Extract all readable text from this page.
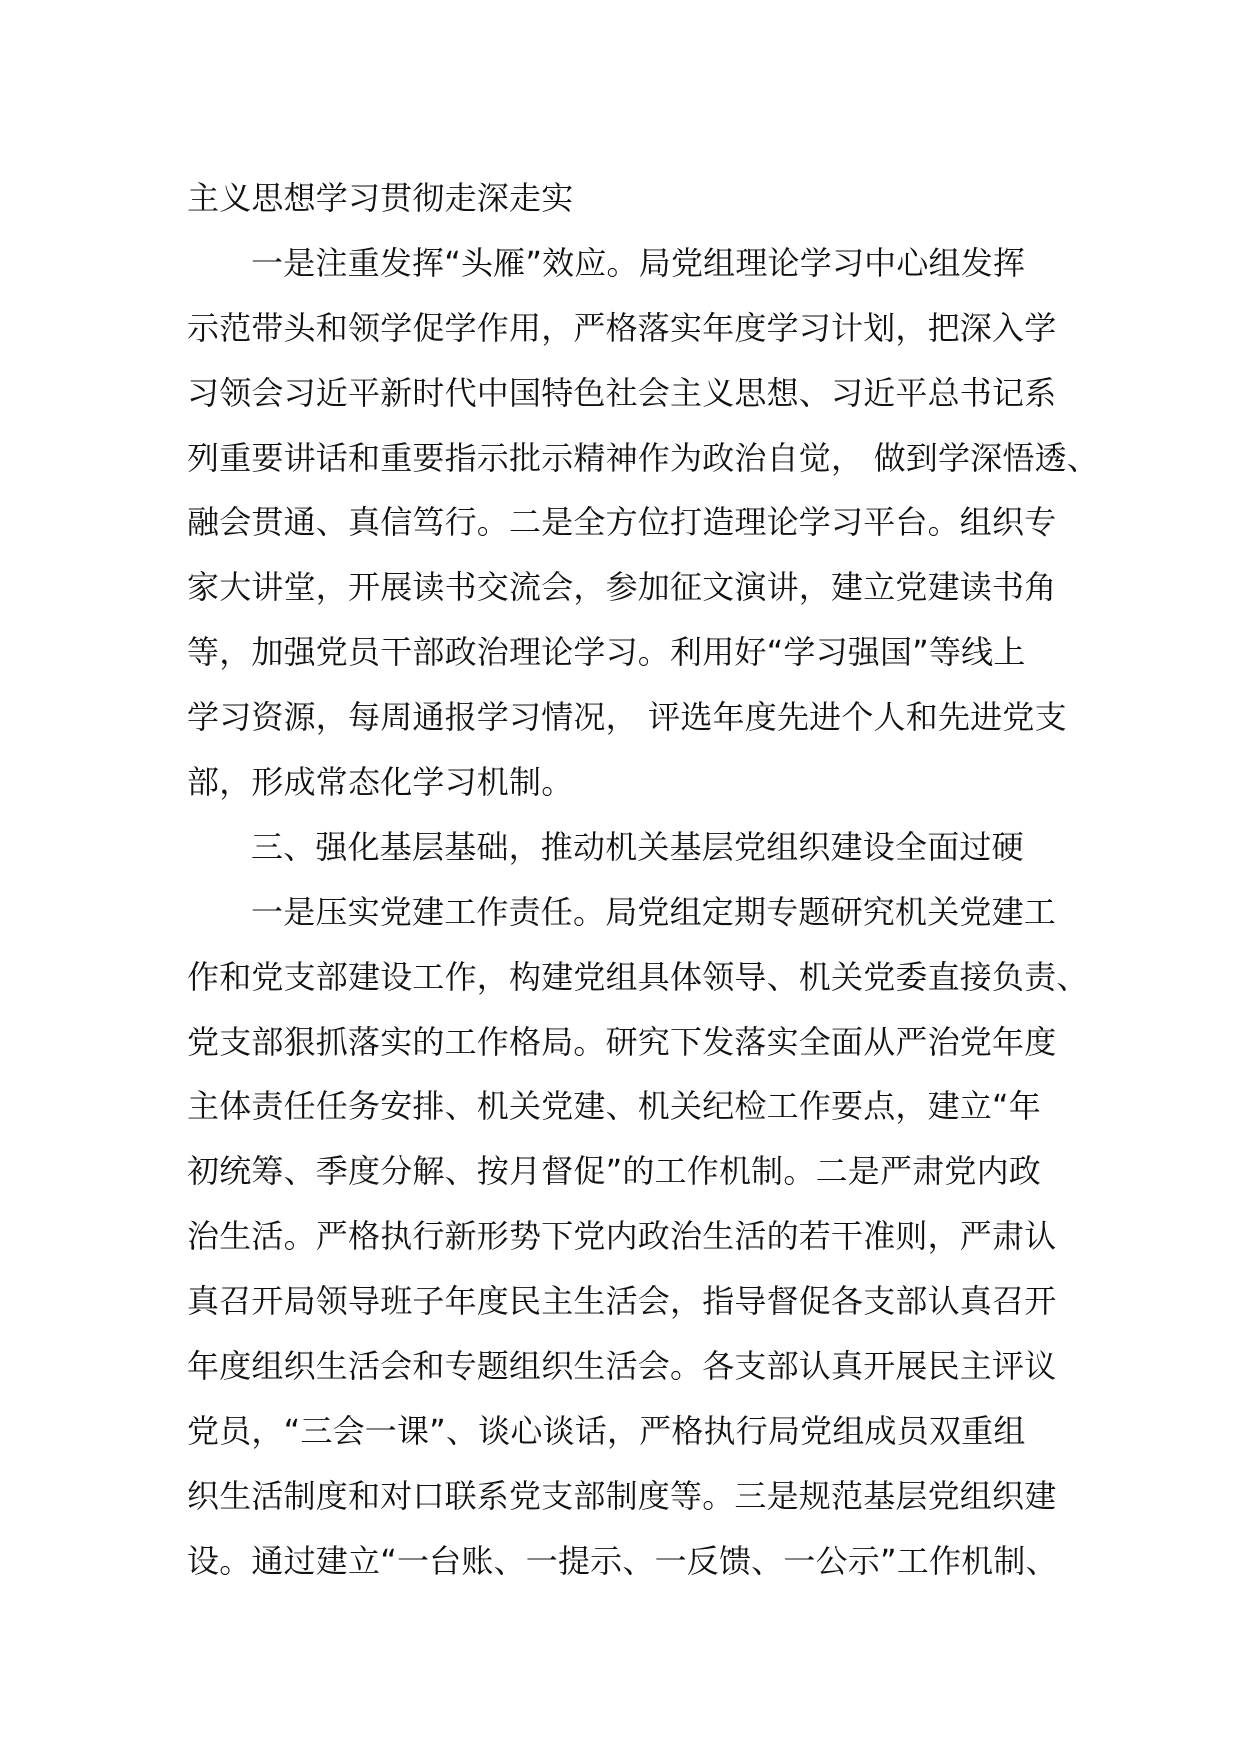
主义思想学习贯彻走深走实
一是注重发挥“头雁”效应。局党组理论学习中心组发挥
示范带头和领学促学作用，严格落实年度学习计划，把深入学
习领会习近平新时代中国特色社会主义思想、习近平总书记系
列重要讲话和重要指示批示精神作为政治自觉， 做到学深悟透、
融会贯通、真信笃行。二是全方位打造理论学习平台。组织专
家大讲堂，开展读书交流会，参加征文演讲，建立党建读书角
等，加强党员干部政治理论学习。利用好“学习强国”等线上
学习资源，每周通报学习情况， 评选年度先进个人和先进党支
部，形成常态化学习机制。
三、强化基层基础，推动机关基层党组织建设全面过硬
一是压实党建工作责任。局党组定期专题研究机关党建工
作和党支部建设工作，构建党组具体领导、机关党委直接负责、
党支部狠抓落实的工作格局。研究下发落实全面从严治党年度
主体责任任务安排、机关党建、机关纪检工作要点，建立“年
初统筹、季度分解、按月督促”的工作机制。二是严肃党内政
治生活。严格执行新形势下党内政治生活的若干准则，严肃认
真召开局领导班子年度民主生活会，指导督促各支部认真召开
年度组织生活会和专题组织生活会。各支部认真开展民主评议
党员，“三会一课”、谈心谈话，严格执行局党组成员双重组
织生活制度和对口联系党支部制度等。三是规范基层党组织建
设。通过建立“一台账、一提示、一反馈、一公示”工作机制、
